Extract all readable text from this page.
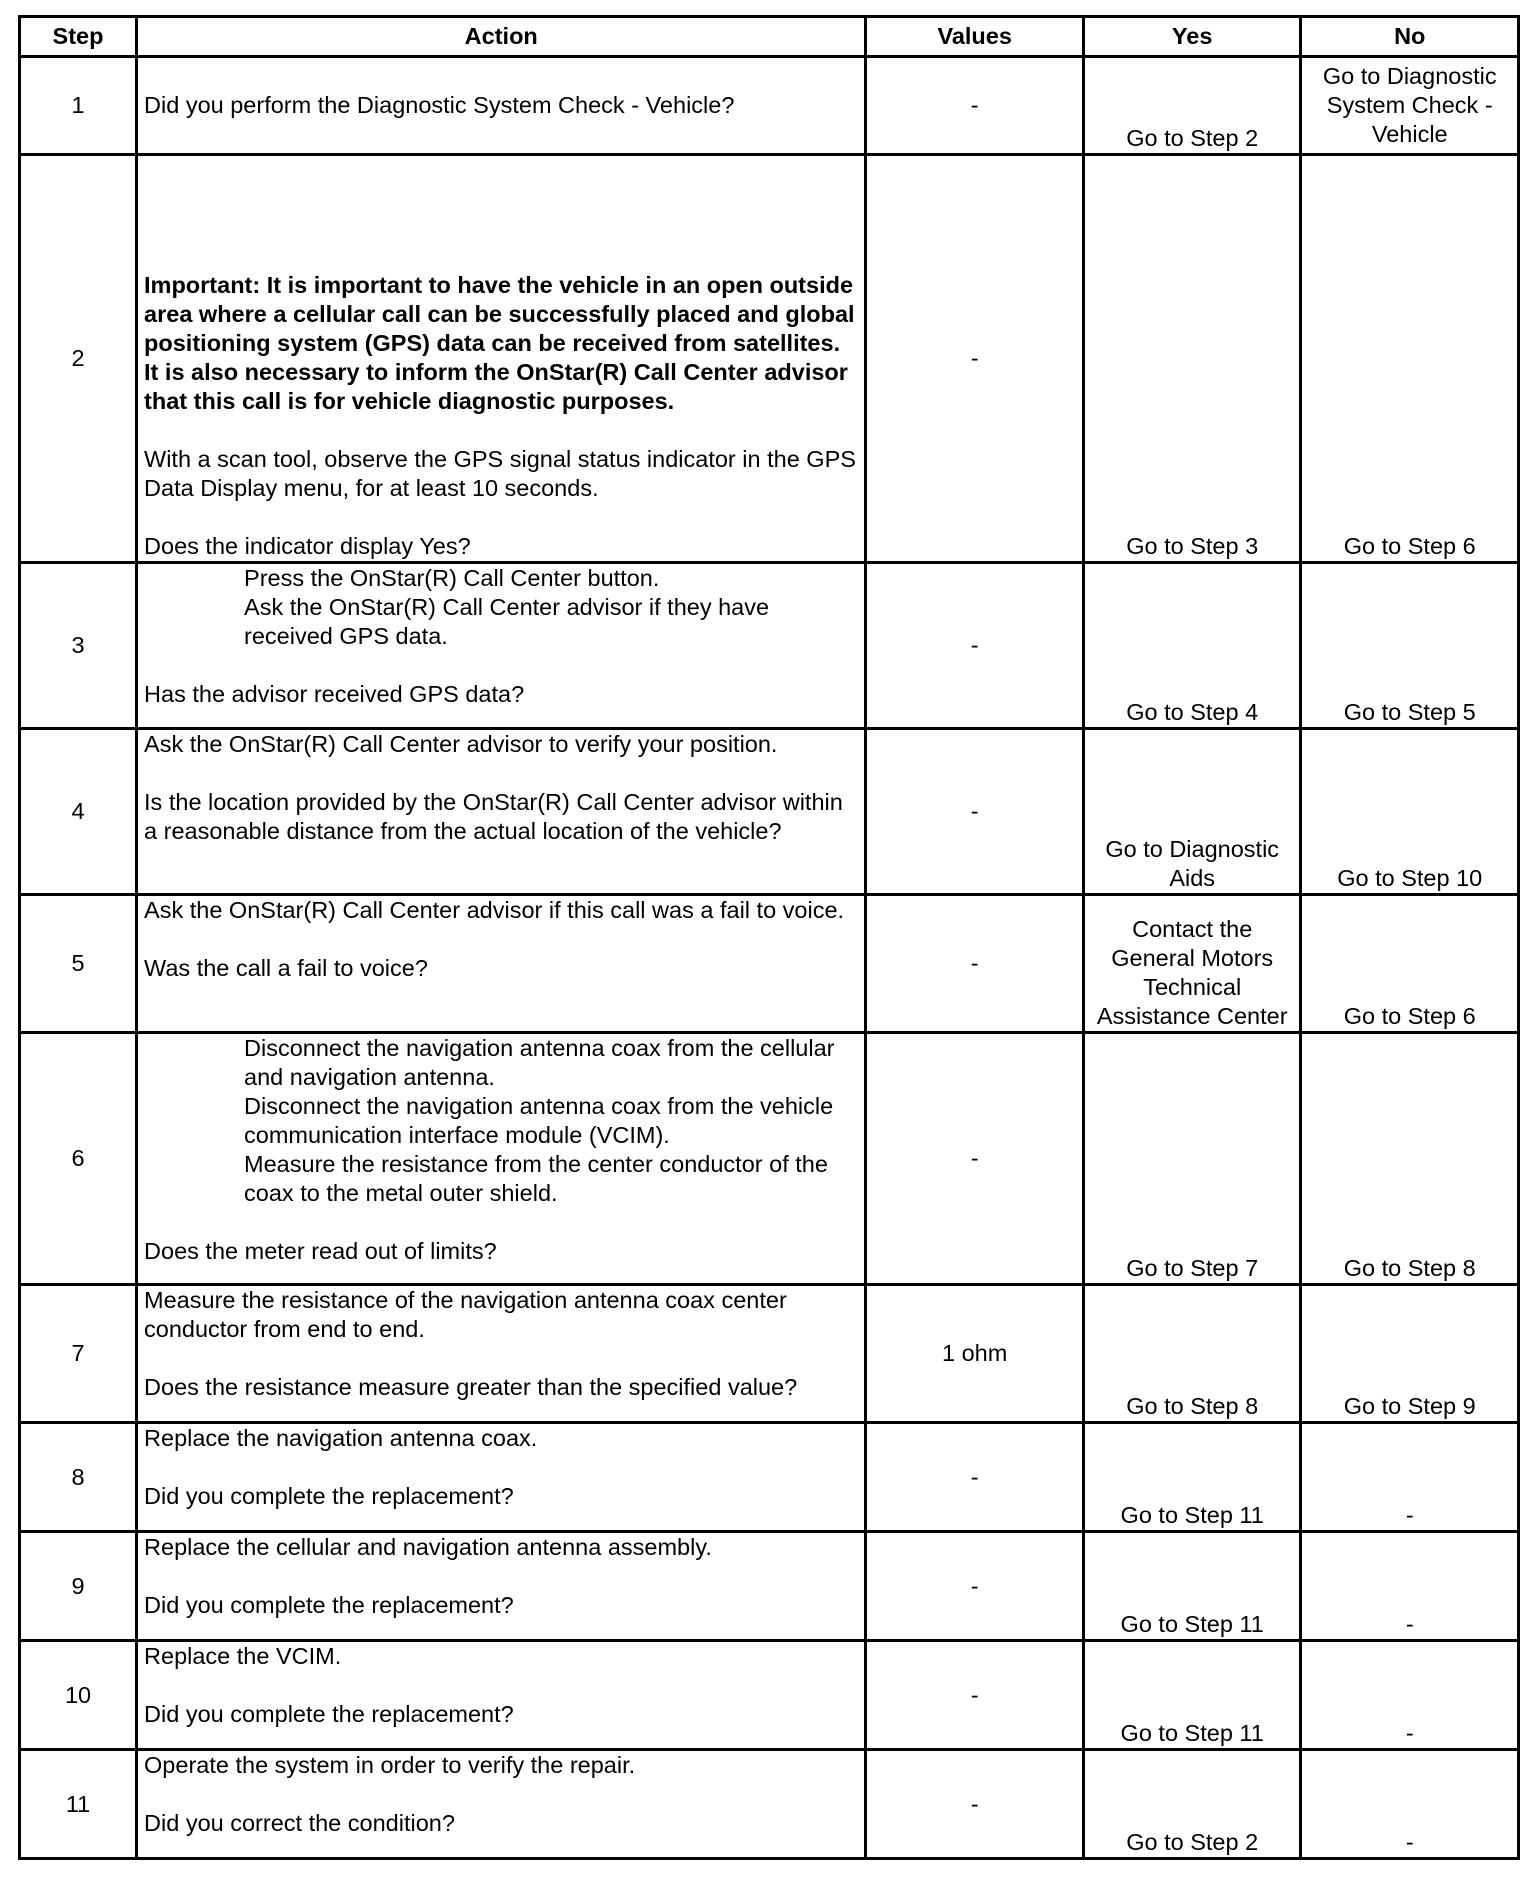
Step	Action	Values	Yes	No
1	Did you perform the Diagnostic System Check - Vehicle?	-	Go to Step 2	Go to Diagnostic System Check - Vehicle
2	Important: It is important to have the vehicle in an open outside area where a cellular call can be successfully placed and global positioning system (GPS) data can be received from satellites. It is also necessary to inform the OnStar(R) Call Center advisor that this call is for vehicle diagnostic purposes.

With a scan tool, observe the GPS signal status indicator in the GPS Data Display menu, for at least 10 seconds.

Does the indicator display Yes?	-	Go to Step 3	Go to Step 6
3	Press the OnStar(R) Call Center button.

Ask the OnStar(R) Call Center advisor if they have received GPS data.

Has the advisor received GPS data?	-	Go to Step 4	Go to Step 5
4	Ask the OnStar(R) Call Center advisor to verify your position.

Is the location provided by the OnStar(R) Call Center advisor within a reasonable distance from the actual location of the vehicle?	-	Go to Diagnostic Aids	Go to Step 10
5	Ask the OnStar(R) Call Center advisor if this call was a fail to voice.

Was the call a fail to voice?	-	Contact the General Motors Technical Assistance Center	Go to Step 6
6	Disconnect the navigation antenna coax from the cellular and navigation antenna.

Disconnect the navigation antenna coax from the vehicle communication interface module (VCIM).

Measure the resistance from the center conductor of the coax to the metal outer shield.

Does the meter read out of limits?	-	Go to Step 7	Go to Step 8
7	Measure the resistance of the navigation antenna coax center conductor from end to end.

Does the resistance measure greater than the specified value?	1 ohm	Go to Step 8	Go to Step 9
8	Replace the navigation antenna coax.

Did you complete the replacement?	-	Go to Step 11	-
9	Replace the cellular and navigation antenna assembly.

Did you complete the replacement?	-	Go to Step 11	-
10	Replace the VCIM.

Did you complete the replacement?	-	Go to Step 11	-
11	Operate the system in order to verify the repair.

Did you correct the condition?	-	Go to Step 2	-
